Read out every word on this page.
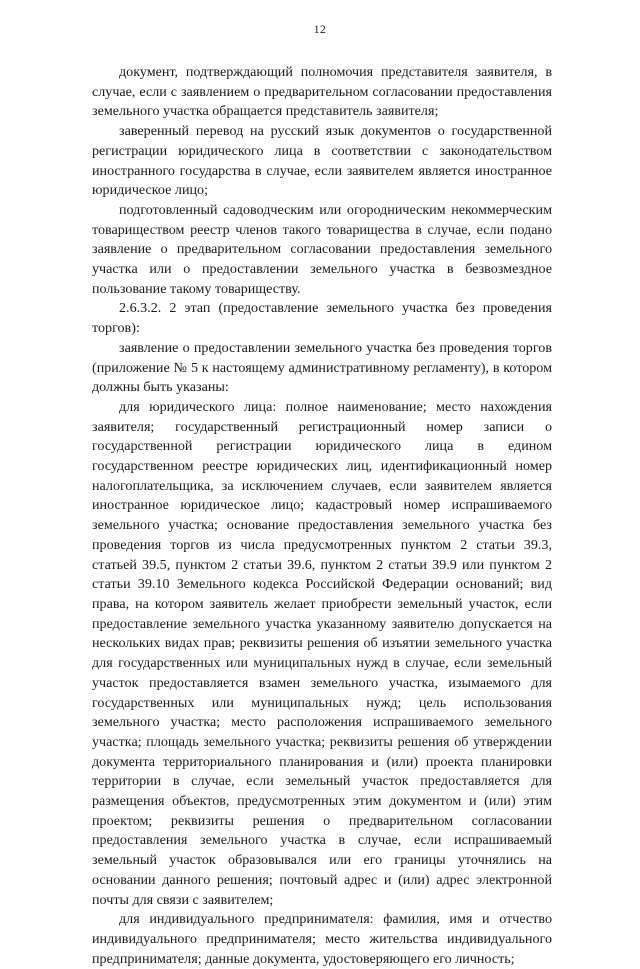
12

документ, подтверждающий полномочия представителя заявителя, в случае, если с заявлением о предварительном согласовании предоставления земельного участка обращается представитель заявителя;

заверенный перевод на русский язык документов о государственной регистрации юридического лица в соответствии с законодательством иностранного государства в случае, если заявителем является иностранное юридическое лицо;

подготовленный садоводческим или огородническим некоммерческим товариществом реестр членов такого товарищества в случае, если подано заявление о предварительном согласовании предоставления земельного участка или о предоставлении земельного участка в безвозмездное пользование такому товариществу.

2.6.3.2. 2 этап (предоставление земельного участка без проведения торгов):

заявление о предоставлении земельного участка без проведения торгов (приложение № 5 к настоящему административному регламенту), в котором должны быть указаны:

для юридического лица: полное наименование; место нахождения заявителя; государственный регистрационный номер записи о государственной регистрации юридического лица в едином государственном реестре юридических лиц, идентификационный номер налогоплательщика, за исключением случаев, если заявителем является иностранное юридическое лицо; кадастровый номер испрашиваемого земельного участка; основание предоставления земельного участка без проведения торгов из числа предусмотренных пунктом 2 статьи 39.3, статьей 39.5, пунктом 2 статьи 39.6, пунктом 2 статьи 39.9 или пунктом 2 статьи 39.10 Земельного кодекса Российской Федерации оснований; вид права, на котором заявитель желает приобрести земельный участок, если предоставление земельного участка указанному заявителю допускается на нескольких видах прав; реквизиты решения об изъятии земельного участка для государственных или муниципальных нужд в случае, если земельный участок предоставляется взамен земельного участка, изымаемого для государственных или муниципальных нужд; цель использования земельного участка; место расположения испрашиваемого земельного участка; площадь земельного участка; реквизиты решения об утверждении документа территориального планирования и (или) проекта планировки территории в случае, если земельный участок предоставляется для размещения объектов, предусмотренных этим документом и (или) этим проектом; реквизиты решения о предварительном согласовании предоставления земельного участка в случае, если испрашиваемый земельный участок образовывался или его границы уточнялись на основании данного решения; почтовый адрес и (или) адрес электронной почты для связи с заявителем;

для индивидуального предпринимателя: фамилия, имя и отчество индивидуального предпринимателя; место жительства индивидуального предпринимателя; данные документа, удостоверяющего его личность;
